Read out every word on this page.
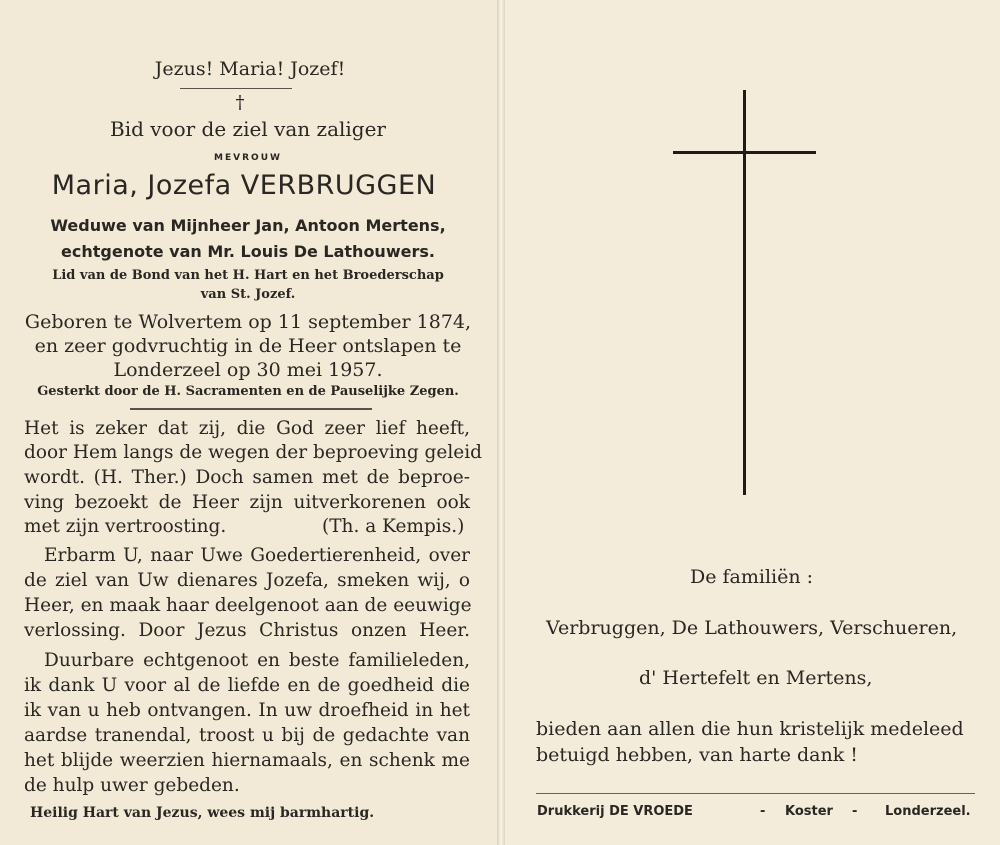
Jezus! Maria! Jozef!
†
Bid voor de ziel van zaliger
MEVROUW
Maria, Jozefa VERBRUGGEN
Weduwe van Mijnheer Jan, Antoon Mertens,
echtgenote van Mr. Louis De Lathouwers.
Lid van de Bond van het H. Hart en het Broederschap
van St. Jozef.
Geboren te Wolvertem op 11 september 1874,
en zeer godvruchtig in de Heer ontslapen te
Londerzeel op 30 mei 1957.
Gesterkt door de H. Sacramenten en de Pauselijke Zegen.
Het is zeker dat zij, die God zeer lief heeft,
door Hem langs de wegen der beproeving geleid
wordt. (H. Ther.) Doch samen met de beproe-
ving bezoekt de Heer zijn uitverkorenen ook
met zijn vertroosting.	(Th. a Kempis.)
Erbarm U, naar Uwe Goedertierenheid, over
de ziel van Uw dienares Jozefa, smeken wij, o
Heer, en maak haar deelgenoot aan de eeuwige
verlossing. Door Jezus Christus onzen Heer.
Duurbare echtgenoot en beste familieleden,
ik dank U voor al de liefde en de goedheid die
ik van u heb ontvangen. In uw droefheid in het
aardse tranendal, troost u bij de gedachte van
het blijde weerzien hiernamaals, en schenk me
de hulp uwer gebeden.
Heilig Hart van Jezus, wees mij barmhartig.
De familiën :
Verbruggen, De Lathouwers, Verschueren,
d' Hertefelt en Mertens,
bieden aan allen die hun kristelijk medeleed
betuigd hebben, van harte dank !
Drukkerij DE VROEDE	- Koster - Londerzeel.
